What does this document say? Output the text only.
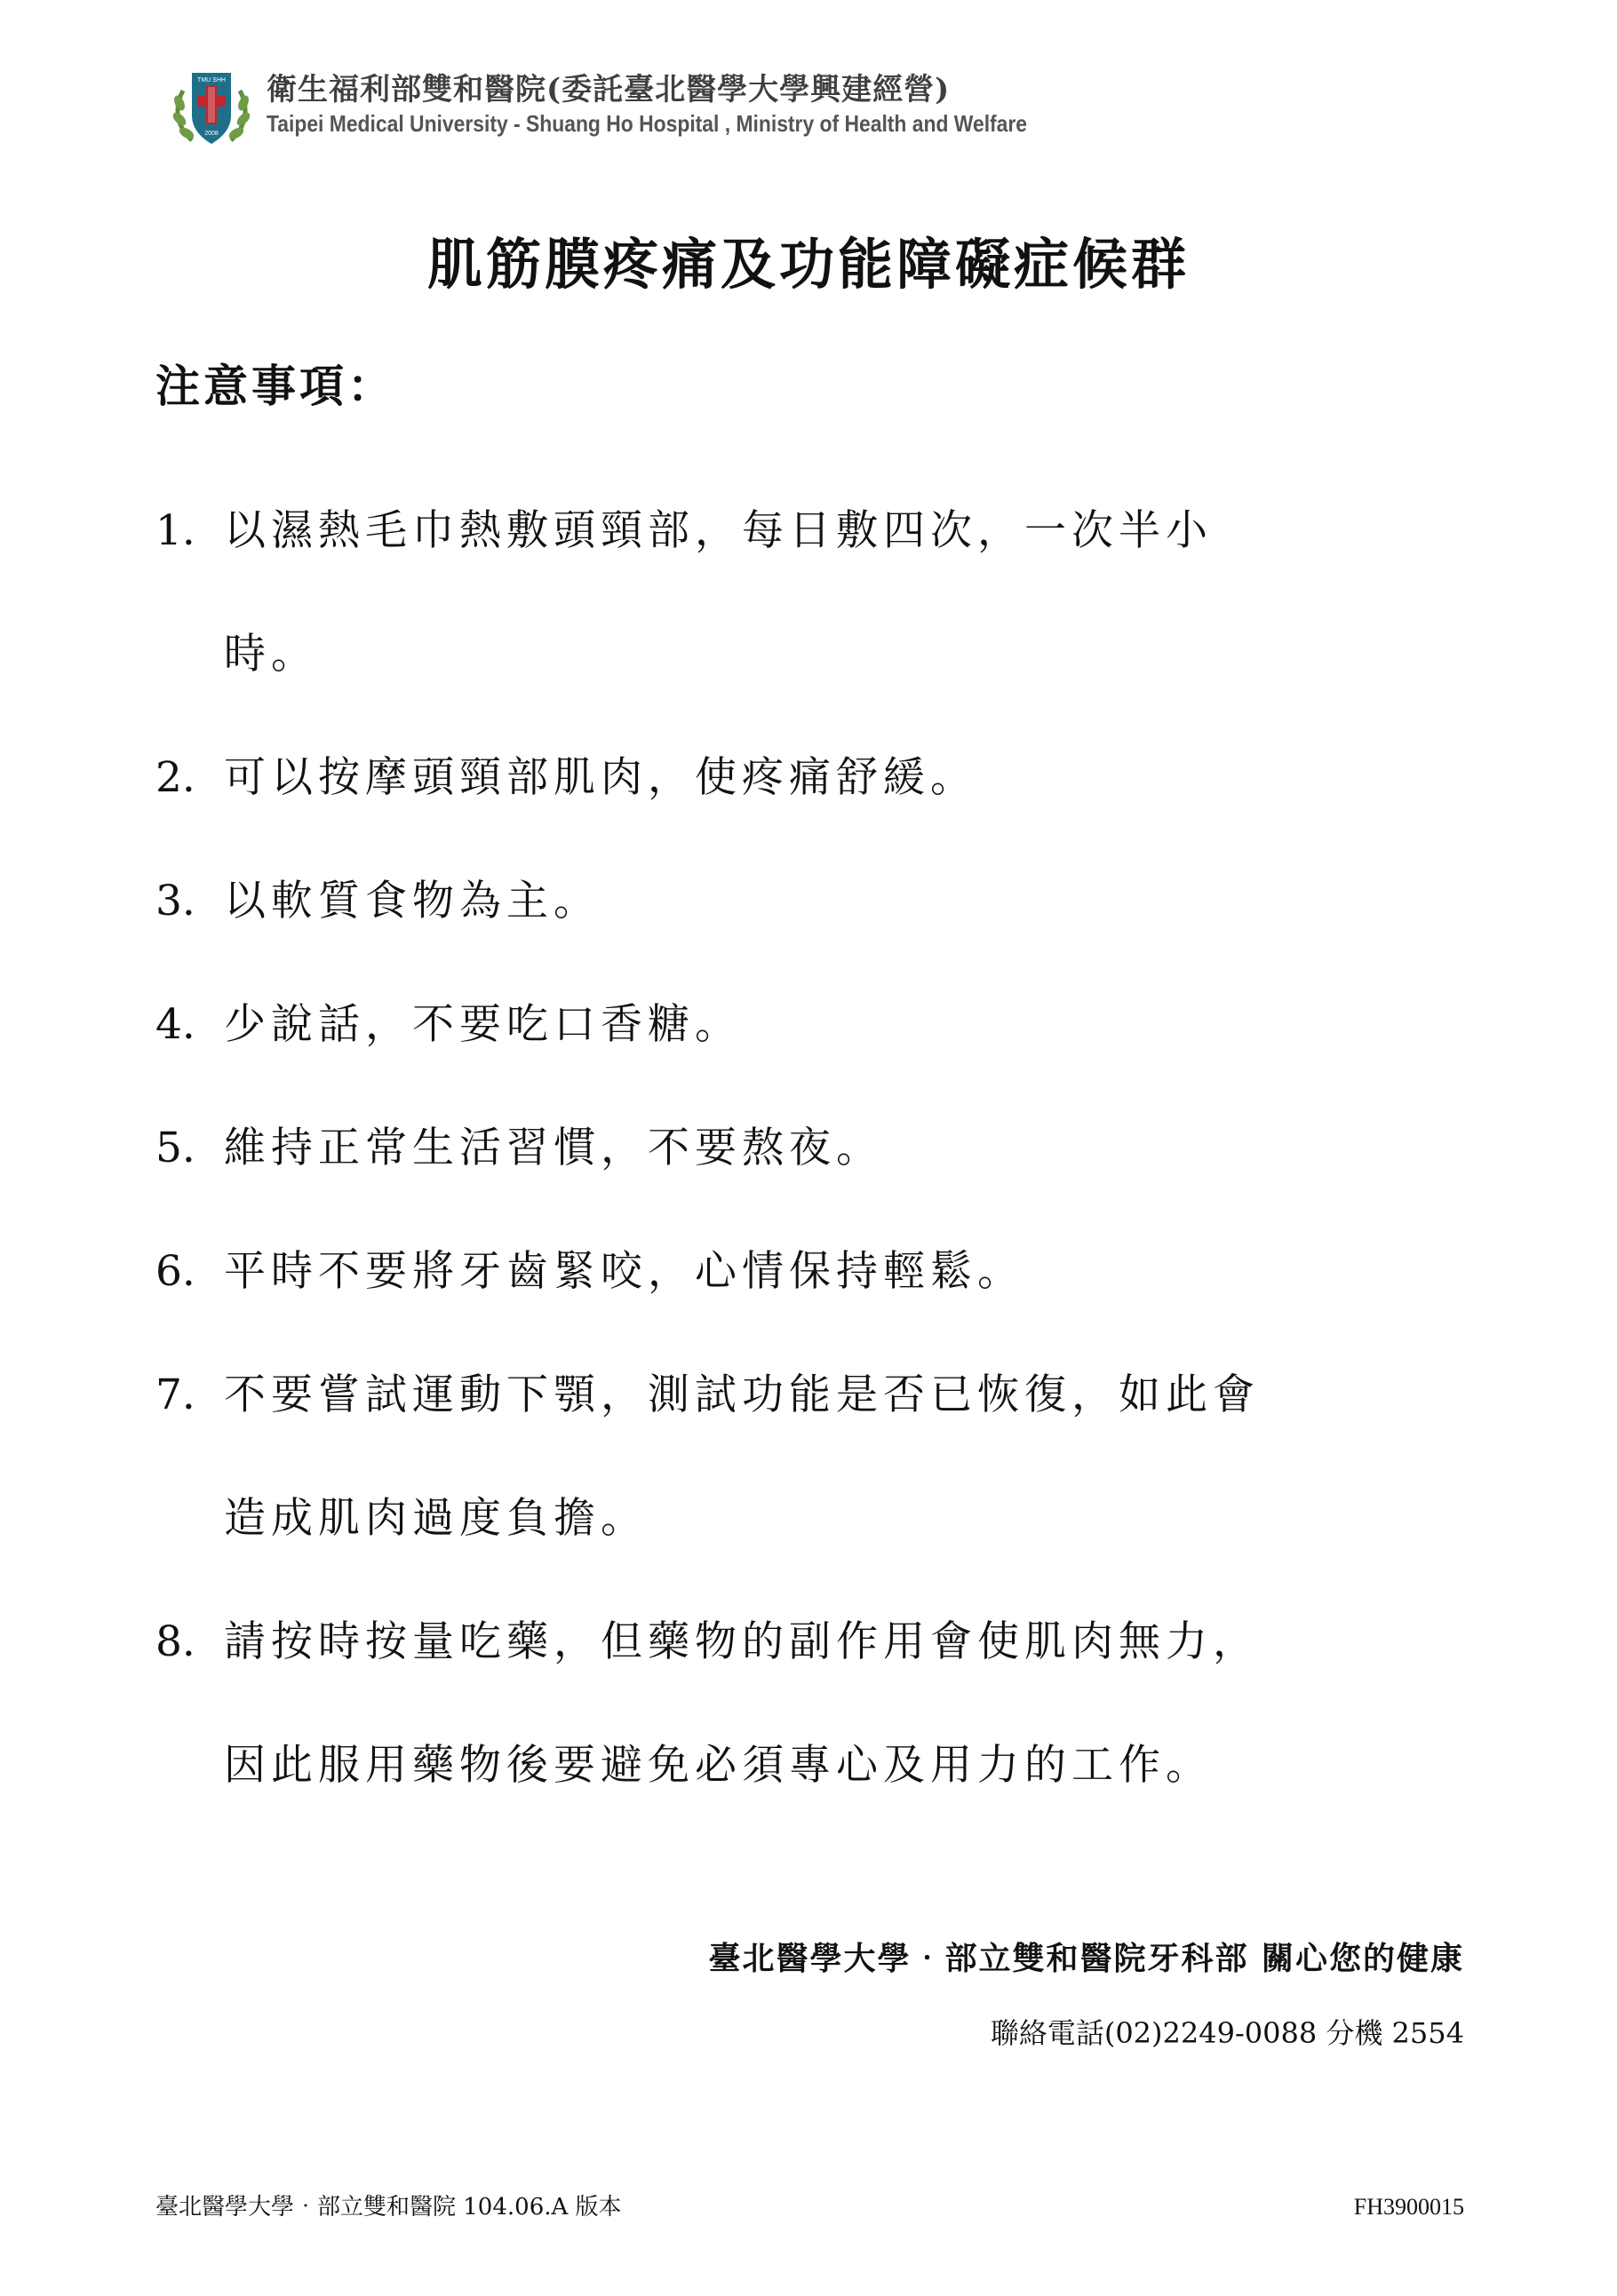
TMU SHH
2008
衛生福利部雙和醫院(委託臺北醫學大學興建經營)
Taipei Medical University - Shuang Ho Hospital , Ministry of Health and Welfare
肌筋膜疼痛及功能障礙症候群
注意事項：
1. 以濕熱毛巾熱敷頭頸部，每日敷四次，一次半小
時。
2. 可以按摩頭頸部肌肉，使疼痛舒緩。
3. 以軟質食物為主。
4. 少說話，不要吃口香糖。
5. 維持正常生活習慣，不要熬夜。
6. 平時不要將牙齒緊咬，心情保持輕鬆。
7. 不要嘗試運動下顎，測試功能是否已恢復，如此會
造成肌肉過度負擔。
8. 請按時按量吃藥，但藥物的副作用會使肌肉無力，
因此服用藥物後要避免必須專心及用力的工作。
臺北醫學大學‧部立雙和醫院牙科部 關心您的健康
聯絡電話(02)2249-0088 分機 2554
臺北醫學大學‧部立雙和醫院 104.06.A 版本	FH3900015
